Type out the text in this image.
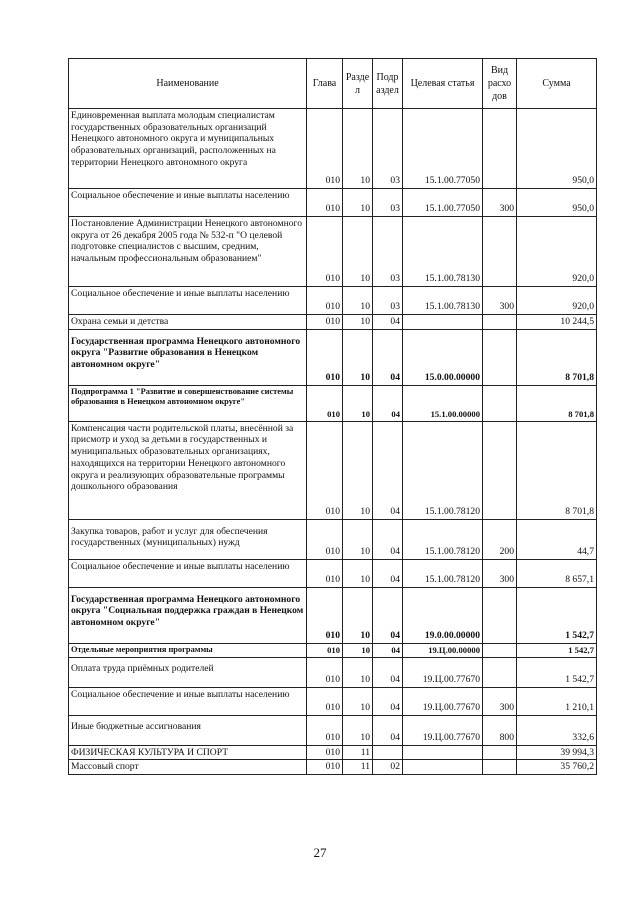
Наименование	Глава	Разде л	Подр аздел	Целевая статья	Вид расхо дов	Сумма
Единовременная выплата молодым специалистам государственных образовательных организаций Ненецкого автономного округа и муниципальных образовательных организаций, расположенных на территории Ненецкого автономного округа	010	10	03	15.1.00.77050		950,0
Социальное обеспечение и иные выплаты населению	010	10	03	15.1.00.77050	300	950,0
Постановление Администрации Ненецкого автономного округа от 26 декабря 2005 года № 532-п "О целевой подготовке специалистов с высшим, средним, начальным профессиональным образованием"	010	10	03	15.1.00.78130		920,0
Социальное обеспечение и иные выплаты населению	010	10	03	15.1.00.78130	300	920,0
Охрана семьи и детства	010	10	04			10 244,5
Государственная программа Ненецкого автономного округа "Развитие образования в Ненецком автономном округе"	010	10	04	15.0.00.00000		8 701,8
Подпрограмма 1 "Развитие и совершенствование системы образования в Ненецком автономном округе"	010	10	04	15.1.00.00000		8 701,8
Компенсация части родительской платы, внесённой за присмотр и уход за детьми в государственных и муниципальных образовательных организациях, находящихся на территории Ненецкого автономного округа и реализующих образовательные программы дошкольного образования	010	10	04	15.1.00.78120		8 701,8
Закупка товаров, работ и услуг для обеспечения государственных (муниципальных) нужд	010	10	04	15.1.00.78120	200	44,7
Социальное обеспечение и иные выплаты населению	010	10	04	15.1.00.78120	300	8 657,1
Государственная программа Ненецкого автономного округа "Социальная поддержка граждан в Ненецком автономном округе"	010	10	04	19.0.00.00000		1 542,7
Отдельные мероприятия программы	010	10	04	19.Ц.00.00000		1 542,7
Оплата труда приёмных родителей	010	10	04	19.Ц.00.77670		1 542,7
Социальное обеспечение и иные выплаты населению	010	10	04	19.Ц.00.77670	300	1 210,1
Иные бюджетные ассигнования	010	10	04	19.Ц.00.77670	800	332,6
ФИЗИЧЕСКАЯ КУЛЬТУРА И СПОРТ	010	11				39 994,3
Массовый спорт	010	11	02			35 760,2
27
